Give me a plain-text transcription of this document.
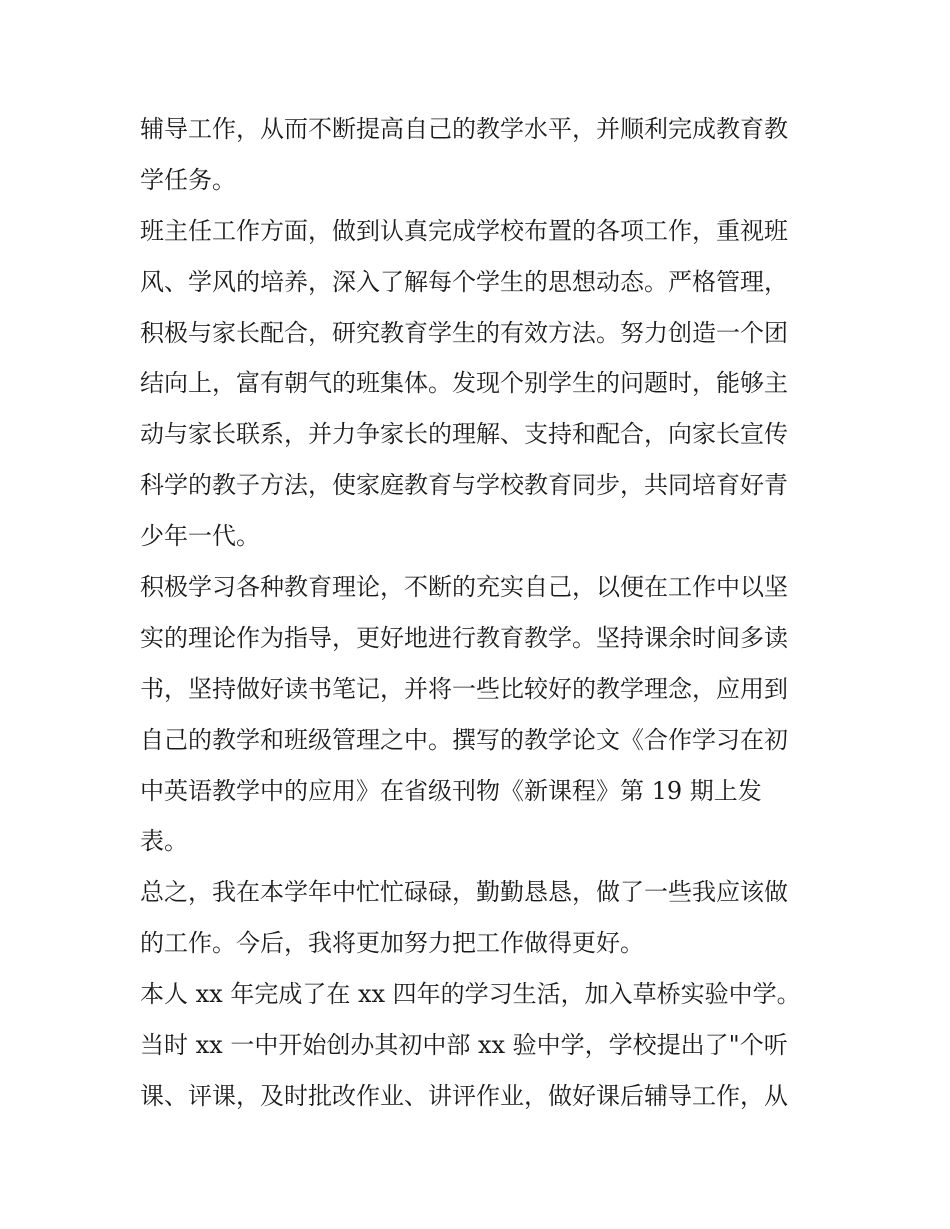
辅导工作，从而不断提高自己的教学水平，并顺利完成教育教
学任务。
班主任工作方面，做到认真完成学校布置的各项工作，重视班
风、学风的培养，深入了解每个学生的思想动态。严格管理，
积极与家长配合，研究教育学生的有效方法。努力创造一个团
结向上，富有朝气的班集体。发现个别学生的问题时，能够主
动与家长联系，并力争家长的理解、支持和配合，向家长宣传
科学的教子方法，使家庭教育与学校教育同步，共同培育好青
少年一代。
积极学习各种教育理论，不断的充实自己，以便在工作中以坚
实的理论作为指导，更好地进行教育教学。坚持课余时间多读
书，坚持做好读书笔记，并将一些比较好的教学理念，应用到
自己的教学和班级管理之中。撰写的教学论文《合作学习在初
中英语教学中的应用》在省级刊物《新课程》第 19 期上发
表。
总之，我在本学年中忙忙碌碌，勤勤恳恳，做了一些我应该做
的工作。今后，我将更加努力把工作做得更好。
本人 xx 年完成了在 xx 四年的学习生活，加入草桥实验中学。
当时 xx 一中开始创办其初中部 xx 验中学，学校提出了"个听
课、评课，及时批改作业、讲评作业，做好课后辅导工作，从
